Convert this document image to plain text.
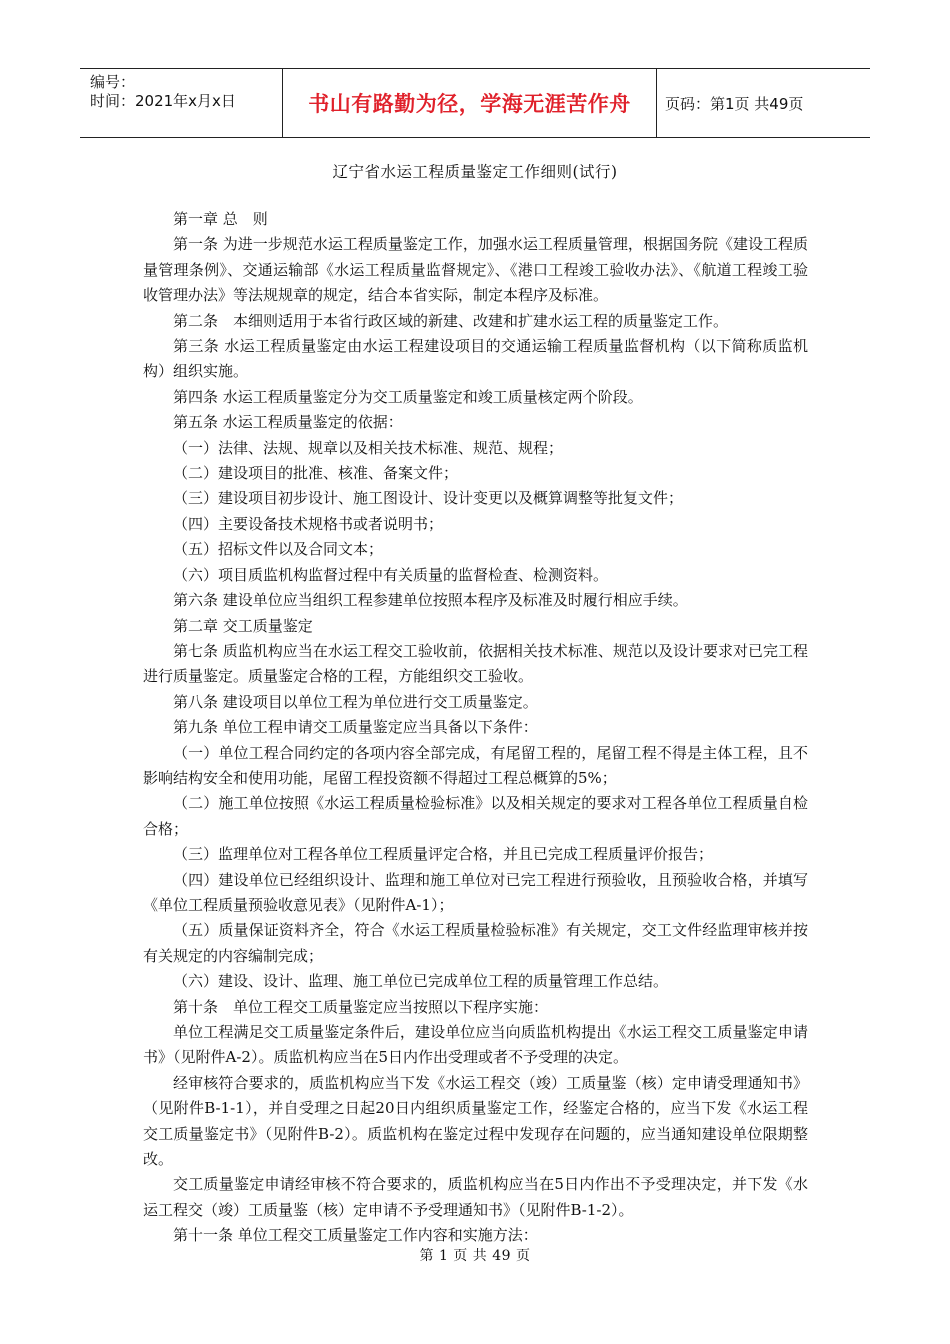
编号：
时间：2021年x月x日	书山有路勤为径，学海无涯苦作舟	页码：第1页 共49页
辽宁省水运工程质量鉴定工作细则(试行)

第一章 总　则

第一条 为进一步规范水运工程质量鉴定工作，加强水运工程质量管理，根据国务院《建设工程质量管理条例》、交通运输部《水运工程质量监督规定》、《港口工程竣工验收办法》、《航道工程竣工验收管理办法》等法规规章的规定，结合本省实际，制定本程序及标准。

第二条　本细则适用于本省行政区域的新建、改建和扩建水运工程的质量鉴定工作。

第三条 水运工程质量鉴定由水运工程建设项目的交通运输工程质量监督机构（以下简称质监机构）组织实施。

第四条 水运工程质量鉴定分为交工质量鉴定和竣工质量核定两个阶段。

第五条 水运工程质量鉴定的依据：

（一）法律、法规、规章以及相关技术标准、规范、规程；

（二）建设项目的批准、核准、备案文件；

（三）建设项目初步设计、施工图设计、设计变更以及概算调整等批复文件；

（四）主要设备技术规格书或者说明书；

（五）招标文件以及合同文本；

（六）项目质监机构监督过程中有关质量的监督检查、检测资料。

第六条 建设单位应当组织工程参建单位按照本程序及标准及时履行相应手续。

第二章 交工质量鉴定

第七条 质监机构应当在水运工程交工验收前，依据相关技术标准、规范以及设计要求对已完工程进行质量鉴定。质量鉴定合格的工程，方能组织交工验收。

第八条 建设项目以单位工程为单位进行交工质量鉴定。

第九条 单位工程申请交工质量鉴定应当具备以下条件：

（一）单位工程合同约定的各项内容全部完成，有尾留工程的，尾留工程不得是主体工程，且不影响结构安全和使用功能，尾留工程投资额不得超过工程总概算的5%；

（二）施工单位按照《水运工程质量检验标准》以及相关规定的要求对工程各单位工程质量自检合格；

（三）监理单位对工程各单位工程质量评定合格，并且已完成工程质量评价报告；

（四）建设单位已经组织设计、监理和施工单位对已完工程进行预验收，且预验收合格，并填写《单位工程质量预验收意见表》（见附件A-1）；

（五）质量保证资料齐全，符合《水运工程质量检验标准》有关规定，交工文件经监理审核并按有关规定的内容编制完成；

（六）建设、设计、监理、施工单位已完成单位工程的质量管理工作总结。

第十条　单位工程交工质量鉴定应当按照以下程序实施：

单位工程满足交工质量鉴定条件后，建设单位应当向质监机构提出《水运工程交工质量鉴定申请书》（见附件A-2）。质监机构应当在5日内作出受理或者不予受理的决定。

经审核符合要求的，质监机构应当下发《水运工程交（竣）工质量鉴（核）定申请受理通知书》（见附件B-1-1），并自受理之日起20日内组织质量鉴定工作，经鉴定合格的，应当下发《水运工程交工质量鉴定书》（见附件B-2）。质监机构在鉴定过程中发现存在问题的，应当通知建设单位限期整改。

交工质量鉴定申请经审核不符合要求的，质监机构应当在5日内作出不予受理决定，并下发《水运工程交（竣）工质量鉴（核）定申请不予受理通知书》（见附件B-1-2）。

第十一条 单位工程交工质量鉴定工作内容和实施方法：

第 1 页 共 49 页
